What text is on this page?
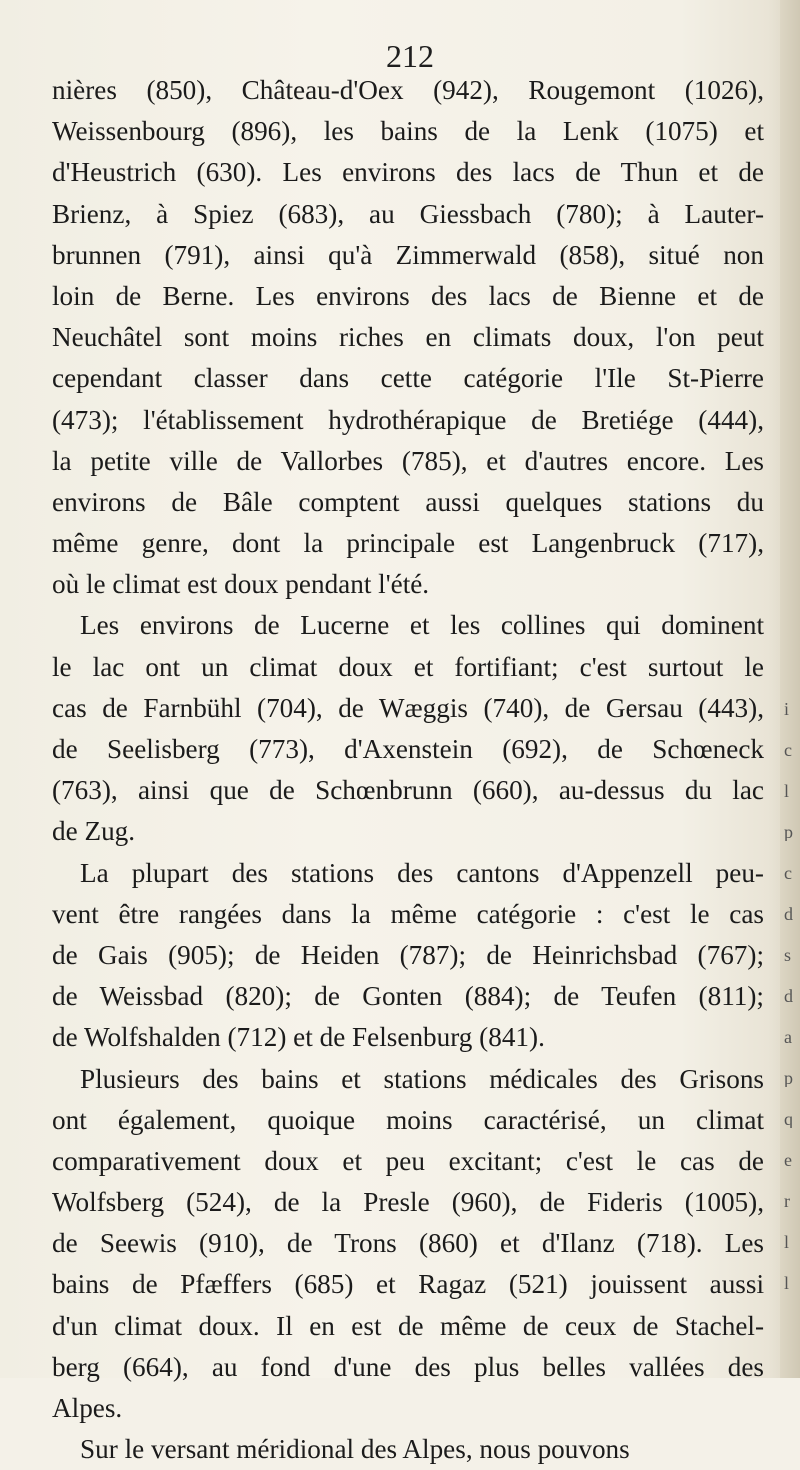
212
nières (850), Château-d'Oex (942), Rougemont (1026),
Weissenbourg (896), les bains de la Lenk (1075) et
d'Heustrich (630). Les environs des lacs de Thun et de
Brienz, à Spiez (683), au Giessbach (780); à Lauter-
brunnen (791), ainsi qu'à Zimmerwald (858), situé non
loin de Berne. Les environs des lacs de Bienne et de
Neuchâtel sont moins riches en climats doux, l'on peut
cependant classer dans cette catégorie l'Ile St-Pierre
(473); l'établissement hydrothérapique de Bretiége (444),
la petite ville de Vallorbes (785), et d'autres encore. Les
environs de Bâle comptent aussi quelques stations du
même genre, dont la principale est Langenbruck (717),
où le climat est doux pendant l'été.
Les environs de Lucerne et les collines qui dominent
le lac ont un climat doux et fortifiant; c'est surtout le
cas de Farnbühl (704), de Wæggis (740), de Gersau (443),
de Seelisberg (773), d'Axenstein (692), de Schœneck
(763), ainsi que de Schœnbrunn (660), au-dessus du lac
de Zug.
La plupart des stations des cantons d'Appenzell peu-
vent être rangées dans la même catégorie : c'est le cas
de Gais (905); de Heiden (787); de Heinrichsbad (767);
de Weissbad (820); de Gonten (884); de Teufen (811);
de Wolfshalden (712) et de Felsenburg (841).
Plusieurs des bains et stations médicales des Grisons
ont également, quoique moins caractérisé, un climat
comparativement doux et peu excitant; c'est le cas de
Wolfsberg (524), de la Presle (960), de Fideris (1005),
de Seewis (910), de Trons (860) et d'Ilanz (718). Les
bains de Pfæffers (685) et Ragaz (521) jouissent aussi
d'un climat doux. Il en est de même de ceux de Stachel-
berg (664), au fond d'une des plus belles vallées des
Alpes.
Sur le versant méridional des Alpes, nous pouvons
i
c
l
p
c
d
s
d
a
p
q
e
r
l
l
